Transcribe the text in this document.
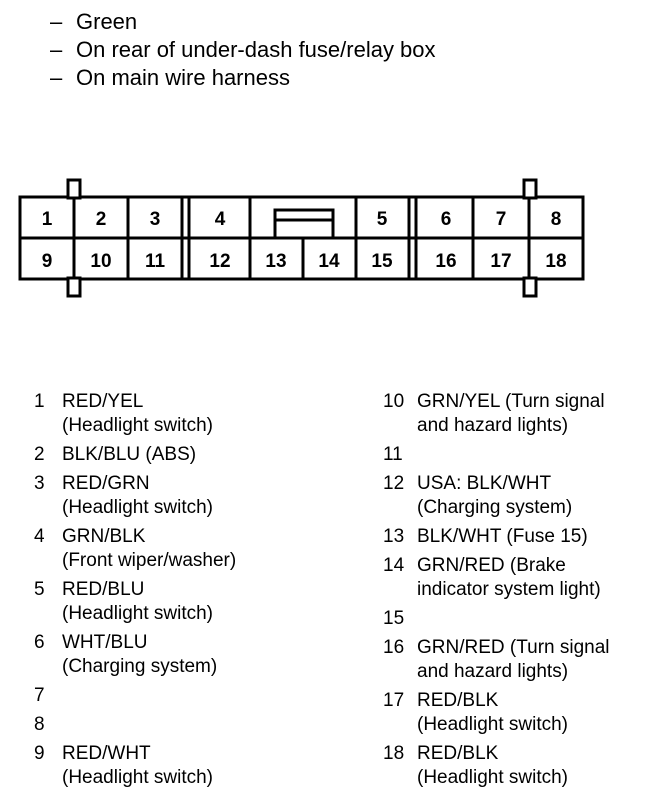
– Green
– On rear of under-dash fuse/relay box
– On main wire harness
1 2 3	4	5	6 7 8
9 10 11 12 13 14 15 16 17 18
1 RED/YEL
(Headlight switch)
2 BLK/BLU (ABS)
3 RED/GRN
(Headlight switch)
4 GRN/BLK
(Front wiper/washer)
5 RED/BLU
(Headlight switch)
6 WHT/BLU
(Charging system)
7
8
9 RED/WHT
(Headlight switch)
10 GRN/YEL (Turn signal
and hazard lights)
11
12 USA: BLK/WHT
(Charging system)
13 BLK/WHT (Fuse 15)
14 GRN/RED (Brake
indicator system light)
15
16 GRN/RED (Turn signal
and hazard lights)
17 RED/BLK
(Headlight switch)
18 RED/BLK
(Headlight switch)
